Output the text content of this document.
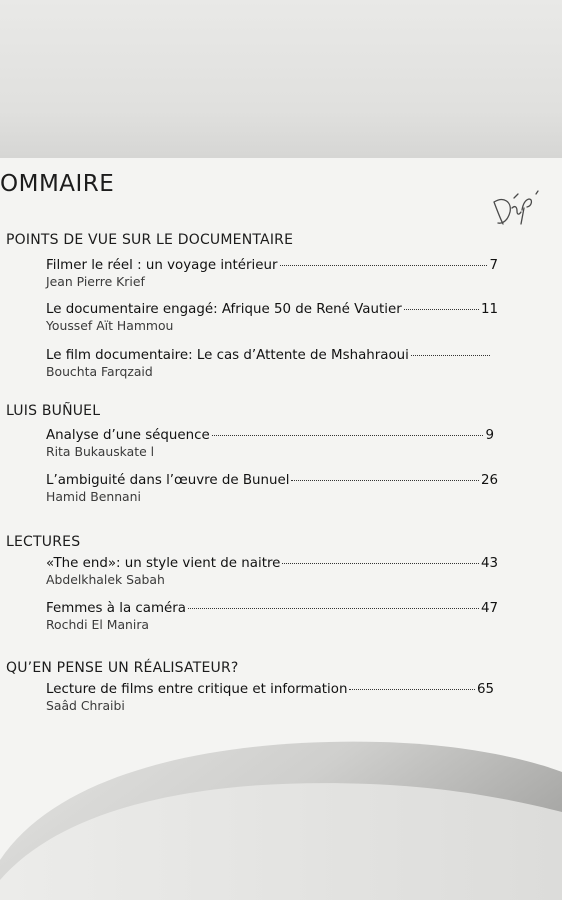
OMMAIRE
POINTS DE VUE SUR LE DOCUMENTAIRE
Filmer le réel : un voyage intérieur	7
Jean Pierre Krief
Le documentaire engagé: Afrique 50 de René Vautier	11
Youssef Aït Hammou
Le film documentaire: Le cas d’Attente de Mshahraoui
Bouchta Farqzaid
LUIS BUÑUEL
Analyse d’une séquence	9
Rita Bukauskate l
L’ambiguité dans l’œuvre de Bunuel	26
Hamid Bennani
LECTURES
«The end»: un style vient de naitre	43
Abdelkhalek Sabah
Femmes à la caméra	47
Rochdi El Manira
QU’EN PENSE UN RÉALISATEUR?
Lecture de films entre critique et information	65
Saâd Chraibi
